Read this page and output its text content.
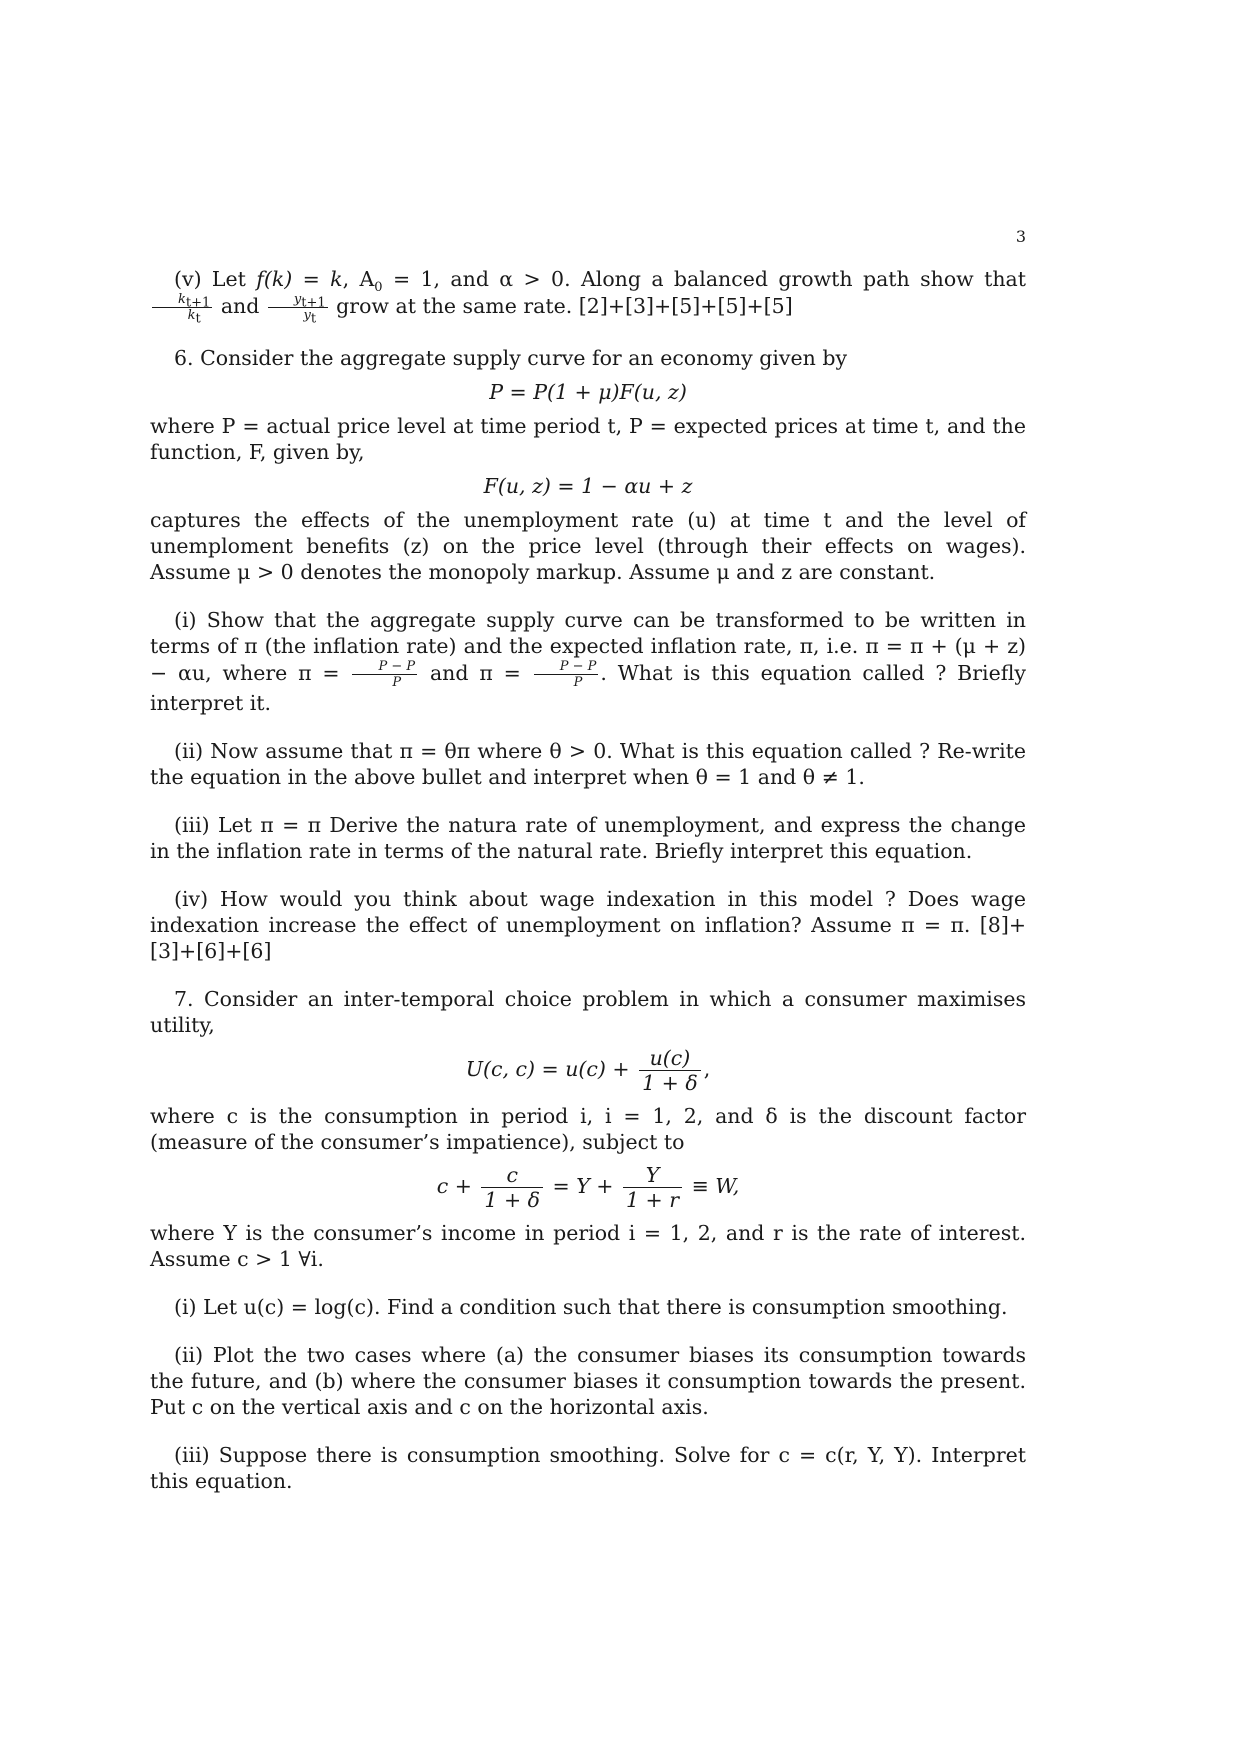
3

(v) Let f(k) = k, $A_0 = 1$, and α > 0. Along a balanced growth path show that
$\frac{k_{t+1}}{k_t}$ and $\frac{y_{t+1}}{y_t}$ grow at the same rate. [2]+[3]+[5]+[5]+[5]

6. Consider the aggregate supply curve for an economy given by

P = P(1 + μ)F(u, z)

where P = actual price level at time period t, P = expected prices at time t, and the function, F, given by,

F(u, z) = 1 − αu + z

captures the effects of the unemployment rate (u) at time t and the level of unemploment benefits (z) on the price level (through their effects on wages). Assume μ > 0 denotes the monopoly markup. Assume μ and z are constant.

(i) Show that the aggregate supply curve can be transformed to be written in terms of π (the inflation rate) and the expected inflation rate, π, i.e. π = π + (μ + z) − αu, where $\pi = \frac{P - P}{P}$ and $\pi = \frac{P - P}{P}$ . What is this equation called ? Briefly interpret it.

(ii) Now assume that π = θπ where θ > 0. What is this equation called ? Re-write the equation in the above bullet and interpret when θ = 1 and θ ≠ 1.

(iii) Let π = π Derive the natura rate of unemployment, and express the change in the inflation rate in terms of the natural rate. Briefly interpret this equation.

(iv) How would you think about wage indexation in this model ? Does wage indexation increase the effect of unemployment on inflation? Assume π = π. [8]+[3]+[6]+[6]

7. Consider an inter-temporal choice problem in which a consumer maximises utility,

U(c, $c) = u(c) + \frac{u(c)}{1 + \delta}$ ,

where c is the consumption in period i, i = 1, 2, and δ is the discount factor (measure of the consumer’s impatience), subject to

$c + \frac{c}{1 + \delta} = Y + \frac{Y}{1 + r} \equiv W$,

where Y is the consumer’s income in period i = 1, 2, and r is the rate of interest. Assume c > 1 ∀i.

(i) Let u(c) = log(c). Find a condition such that there is consumption smoothing.

(ii) Plot the two cases where (a) the consumer biases its consumption towards the future, and (b) where the consumer biases it consumption towards the present. Put c on the vertical axis and c on the horizontal axis.

(iii) Suppose there is consumption smoothing. Solve for c = c(r, Y, Y). Interpret this equation.
